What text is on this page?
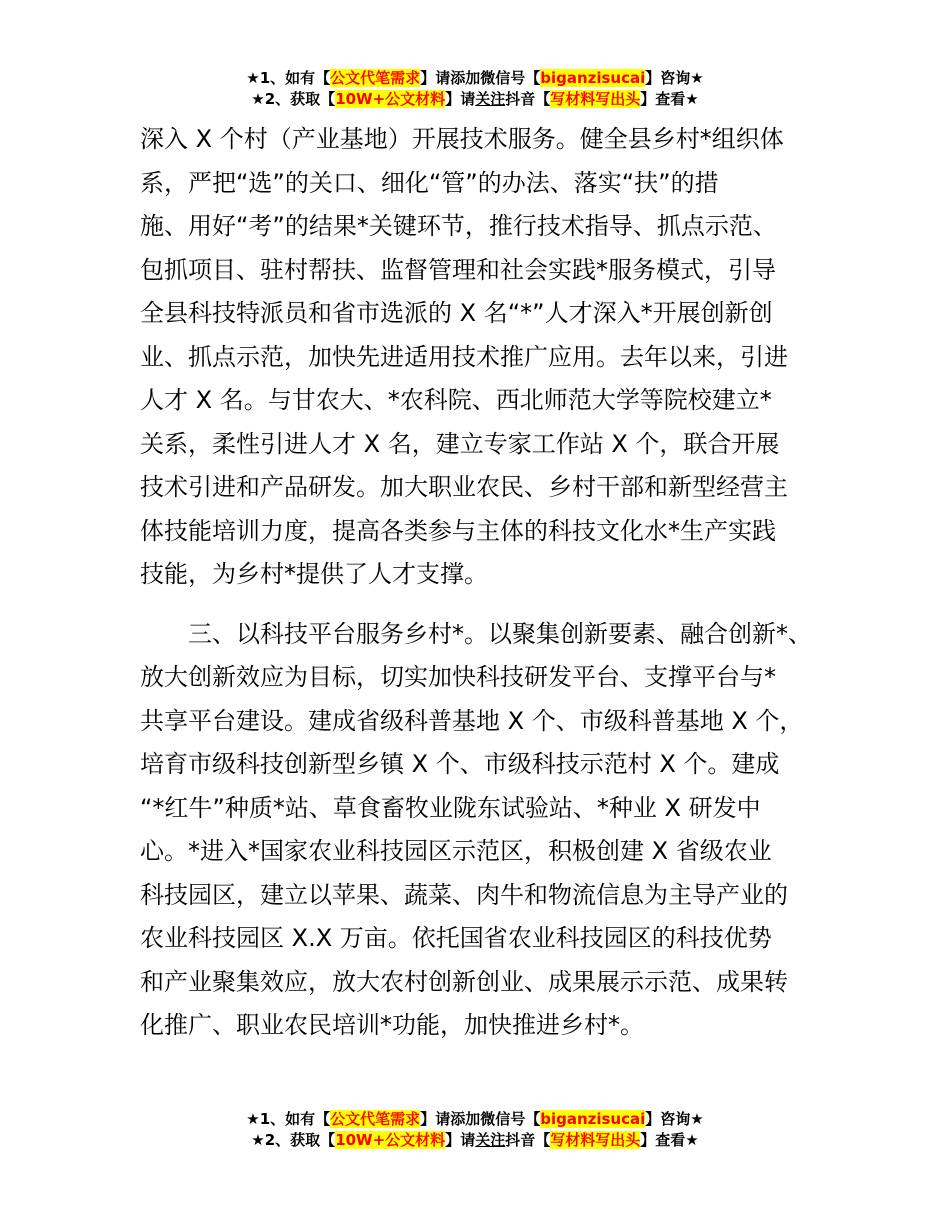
★1、如有【公文代笔需求】请添加微信号【biganzisucai】咨询★
★2、获取【10W+公文材料】请关注抖音【写材料写出头】查看★
深入 X 个村（产业基地）开展技术服务。健全县乡村*组织体
系，严把“选”的关口、细化“管”的办法、落实“扶”的措
施、用好“考”的结果*关键环节，推行技术指导、抓点示范、
包抓项目、驻村帮扶、监督管理和社会实践*服务模式，引导
全县科技特派员和省市选派的 X 名“*”人才深入*开展创新创
业、抓点示范，加快先进适用技术推广应用。去年以来，引进
人才 X 名。与甘农大、*农科院、西北师范大学等院校建立*
关系，柔性引进人才 X 名，建立专家工作站 X 个，联合开展
技术引进和产品研发。加大职业农民、乡村干部和新型经营主
体技能培训力度，提高各类参与主体的科技文化水*生产实践
技能，为乡村*提供了人才支撑。
三、以科技平台服务乡村*。以聚集创新要素、融合创新*、
放大创新效应为目标，切实加快科技研发平台、支撑平台与*
共享平台建设。建成省级科普基地 X 个、市级科普基地 X 个，
培育市级科技创新型乡镇 X 个、市级科技示范村 X 个。建成
“*红牛”种质*站、草食畜牧业陇东试验站、*种业 X 研发中
心。*进入*国家农业科技园区示范区，积极创建 X 省级农业
科技园区，建立以苹果、蔬菜、肉牛和物流信息为主导产业的
农业科技园区 X.X 万亩。依托国省农业科技园区的科技优势
和产业聚集效应，放大农村创新创业、成果展示示范、成果转
化推广、职业农民培训*功能，加快推进乡村*。
★1、如有【公文代笔需求】请添加微信号【biganzisucai】咨询★
★2、获取【10W+公文材料】请关注抖音【写材料写出头】查看★
